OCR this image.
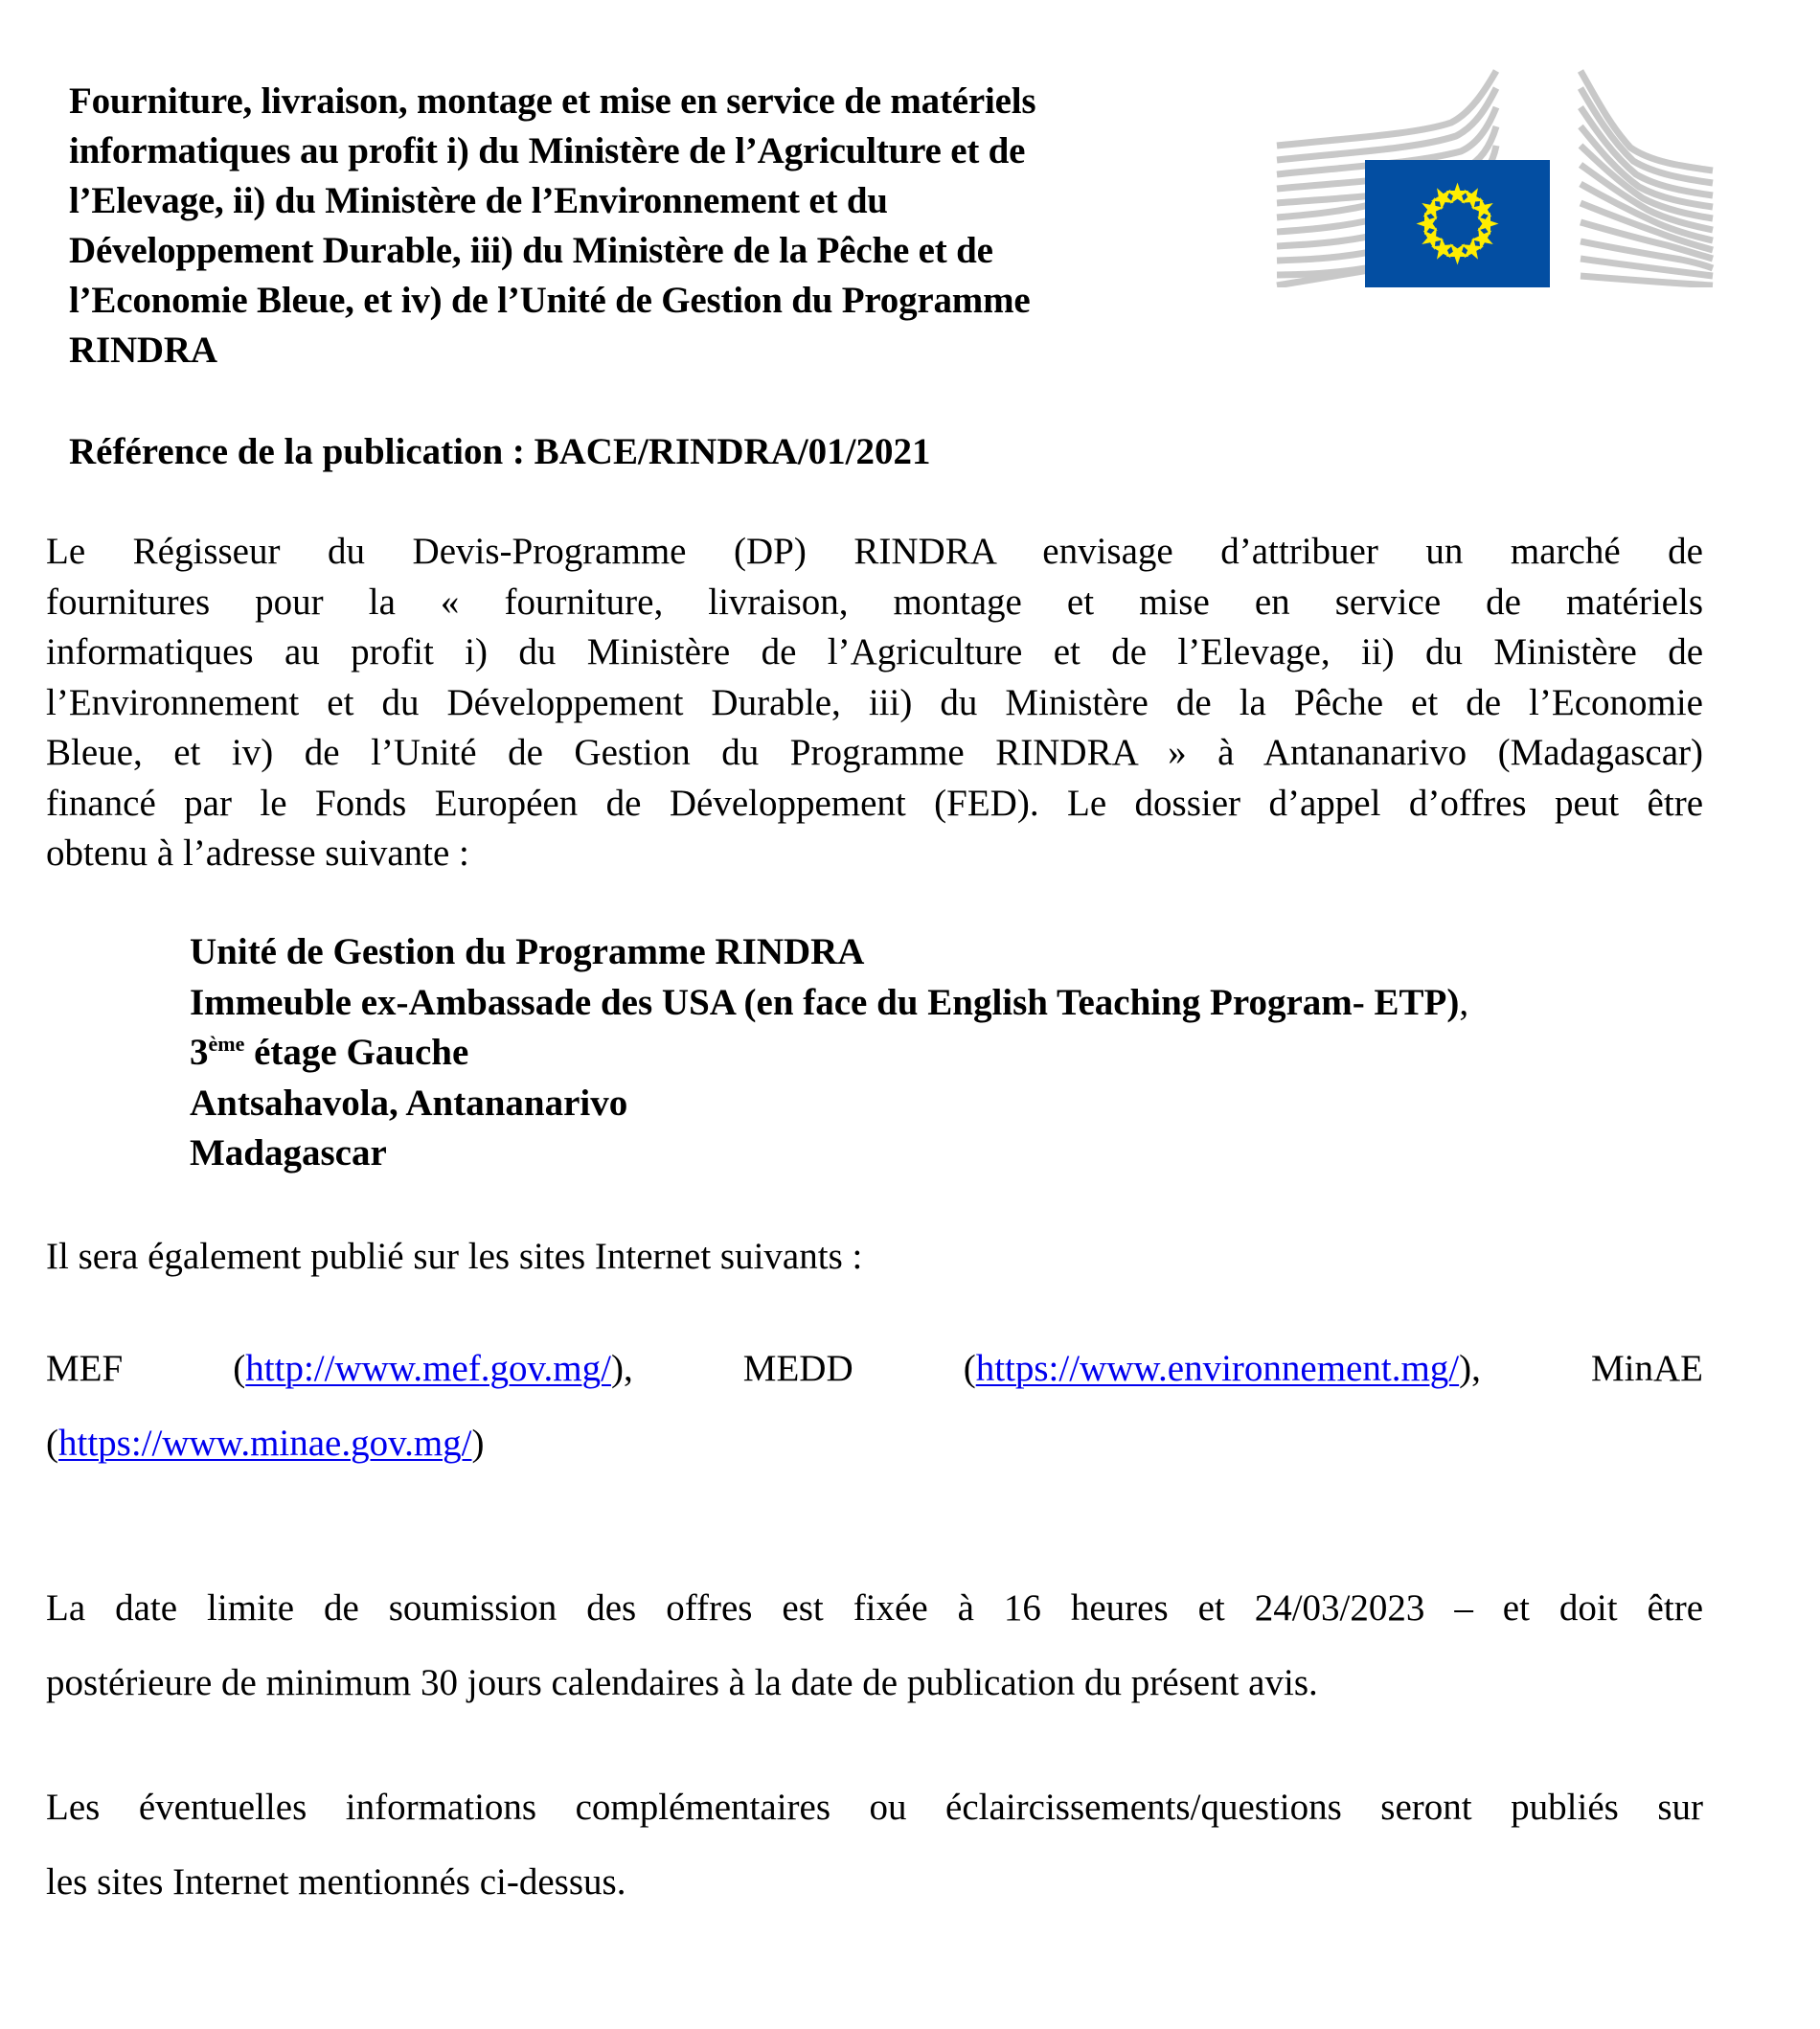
Fourniture, livraison, montage et mise en service de matériels
informatiques au profit i) du Ministère de l’Agriculture et de
l’Elevage, ii) du Ministère de l’Environnement et du
Développement Durable, iii) du Ministère de la Pêche et de
l’Economie Bleue, et iv) de l’Unité de Gestion du Programme
RINDRA
Référence de la publication : BACE/RINDRA/01/2021
Le Régisseur du Devis-Programme (DP) RINDRA envisage d’attribuer un marché de
fournitures pour la « fourniture, livraison, montage et mise en service de matériels
informatiques au profit i) du Ministère de l’Agriculture et de l’Elevage, ii) du Ministère de
l’Environnement et du Développement Durable, iii) du Ministère de la Pêche et de l’Economie
Bleue, et iv) de l’Unité de Gestion du Programme RINDRA » à Antananarivo (Madagascar)
financé par le Fonds Européen de Développement (FED). Le dossier d’appel d’offres peut être
obtenu à l’adresse suivante :
Unité de Gestion du Programme RINDRA
Immeuble ex-Ambassade des USA (en face du English Teaching Program- ETP),
3ème étage Gauche
Antsahavola, Antananarivo
Madagascar
Il sera également publié sur les sites Internet suivants :
MEF	(http://www.mef.gov.mg/),	MEDD	(https://www.environnement.mg/),	MinAE
(https://www.minae.gov.mg/)
La date limite de soumission des offres est fixée à 16 heures et 24/03/2023 – et doit être
postérieure de minimum 30 jours calendaires à la date de publication du présent avis.
Les éventuelles informations complémentaires ou éclaircissements/questions seront publiés sur
les sites Internet mentionnés ci-dessus.
